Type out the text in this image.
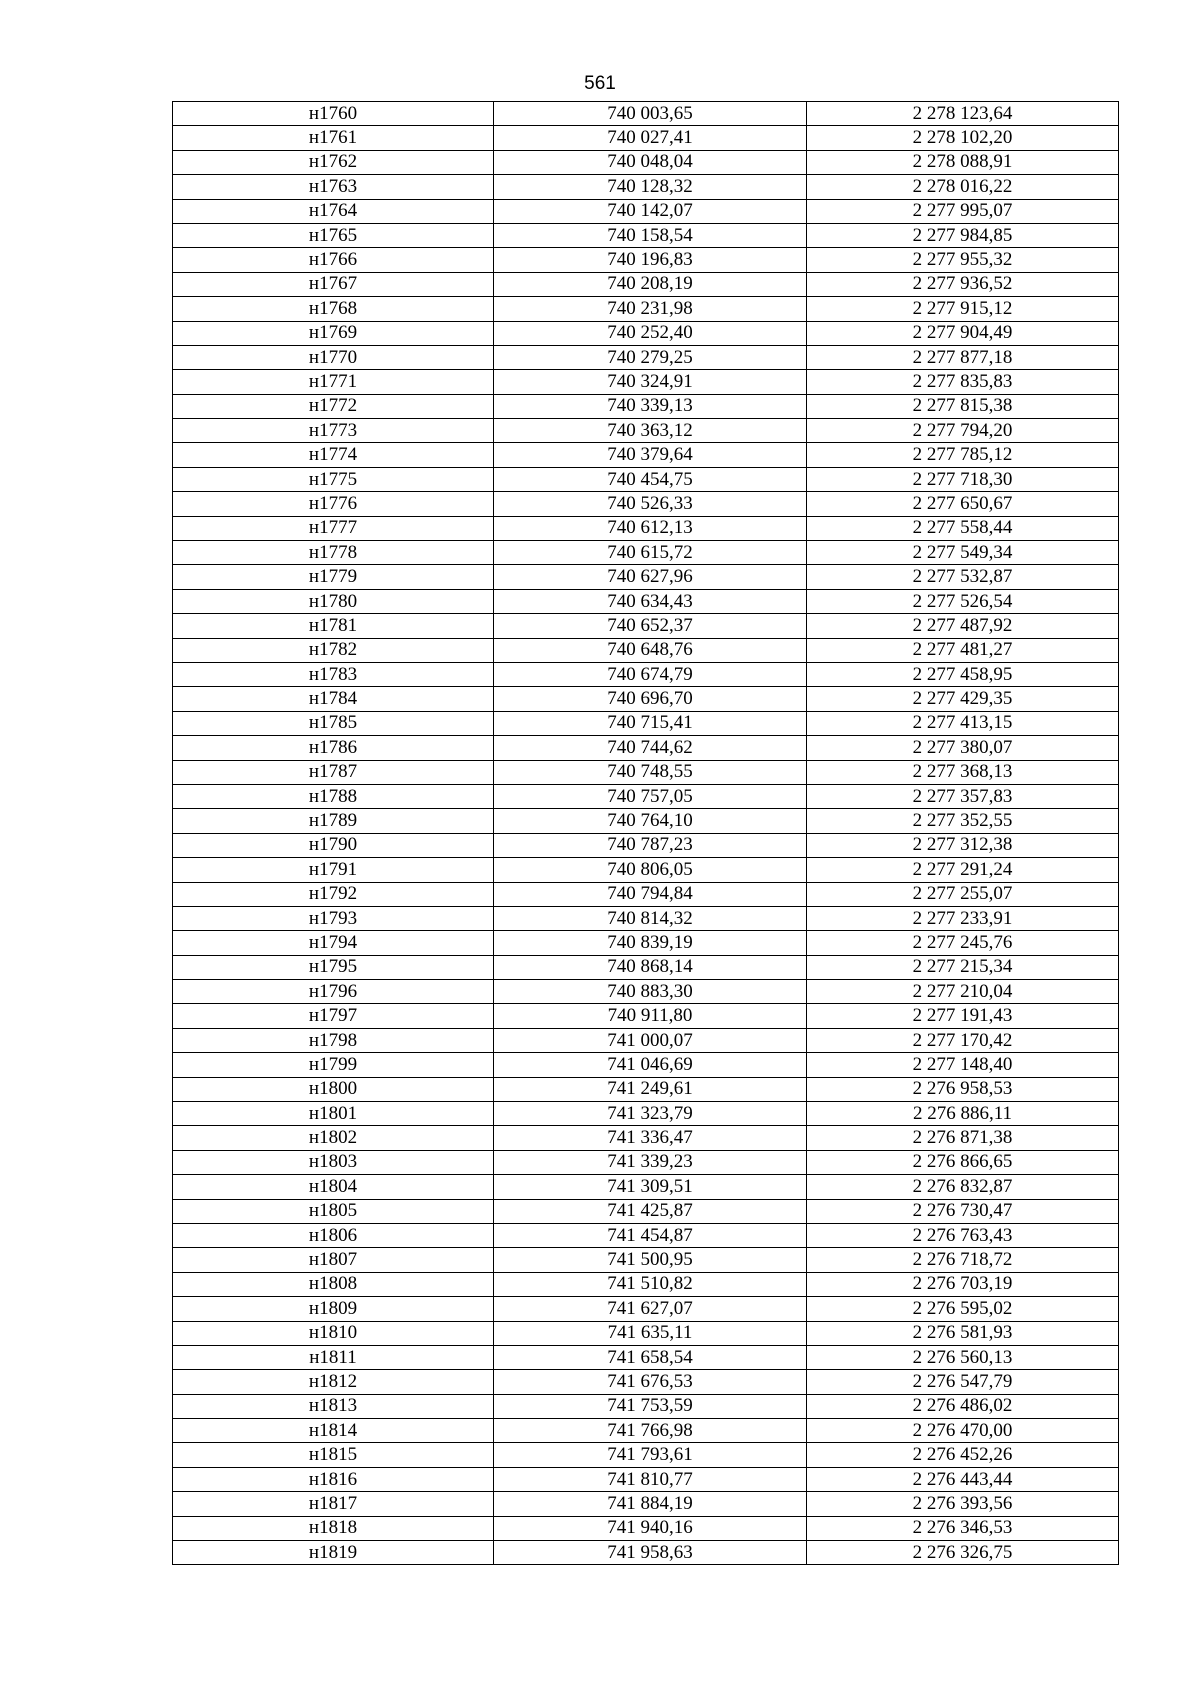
561
н1760	740 003,65	2 278 123,64
н1761	740 027,41	2 278 102,20
н1762	740 048,04	2 278 088,91
н1763	740 128,32	2 278 016,22
н1764	740 142,07	2 277 995,07
н1765	740 158,54	2 277 984,85
н1766	740 196,83	2 277 955,32
н1767	740 208,19	2 277 936,52
н1768	740 231,98	2 277 915,12
н1769	740 252,40	2 277 904,49
н1770	740 279,25	2 277 877,18
н1771	740 324,91	2 277 835,83
н1772	740 339,13	2 277 815,38
н1773	740 363,12	2 277 794,20
н1774	740 379,64	2 277 785,12
н1775	740 454,75	2 277 718,30
н1776	740 526,33	2 277 650,67
н1777	740 612,13	2 277 558,44
н1778	740 615,72	2 277 549,34
н1779	740 627,96	2 277 532,87
н1780	740 634,43	2 277 526,54
н1781	740 652,37	2 277 487,92
н1782	740 648,76	2 277 481,27
н1783	740 674,79	2 277 458,95
н1784	740 696,70	2 277 429,35
н1785	740 715,41	2 277 413,15
н1786	740 744,62	2 277 380,07
н1787	740 748,55	2 277 368,13
н1788	740 757,05	2 277 357,83
н1789	740 764,10	2 277 352,55
н1790	740 787,23	2 277 312,38
н1791	740 806,05	2 277 291,24
н1792	740 794,84	2 277 255,07
н1793	740 814,32	2 277 233,91
н1794	740 839,19	2 277 245,76
н1795	740 868,14	2 277 215,34
н1796	740 883,30	2 277 210,04
н1797	740 911,80	2 277 191,43
н1798	741 000,07	2 277 170,42
н1799	741 046,69	2 277 148,40
н1800	741 249,61	2 276 958,53
н1801	741 323,79	2 276 886,11
н1802	741 336,47	2 276 871,38
н1803	741 339,23	2 276 866,65
н1804	741 309,51	2 276 832,87
н1805	741 425,87	2 276 730,47
н1806	741 454,87	2 276 763,43
н1807	741 500,95	2 276 718,72
н1808	741 510,82	2 276 703,19
н1809	741 627,07	2 276 595,02
н1810	741 635,11	2 276 581,93
н1811	741 658,54	2 276 560,13
н1812	741 676,53	2 276 547,79
н1813	741 753,59	2 276 486,02
н1814	741 766,98	2 276 470,00
н1815	741 793,61	2 276 452,26
н1816	741 810,77	2 276 443,44
н1817	741 884,19	2 276 393,56
н1818	741 940,16	2 276 346,53
н1819	741 958,63	2 276 326,75
